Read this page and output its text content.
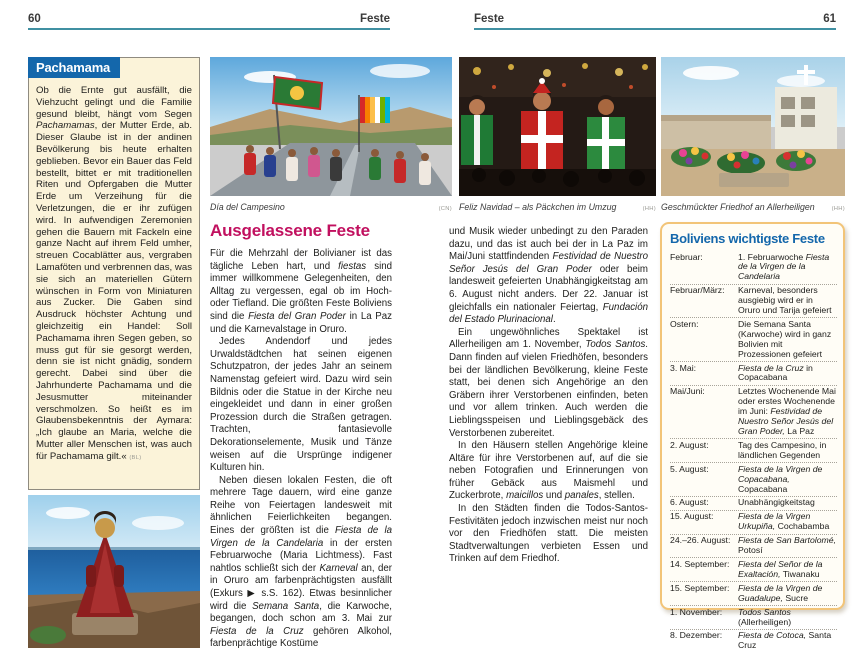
60	Feste	Feste	61
Pachamama
Ob die Ernte gut ausfällt, die Viehzucht gelingt und die Familie gesund bleibt, hängt vom Segen Pachamamas, der Mutter Erde, ab. Dieser Glaube ist in der andinen Bevölkerung bis heute erhalten geblieben. Bevor ein Bauer das Feld bestellt, bittet er mit traditionellen Riten und Opfergaben die Mutter Erde um Verzeihung für die Verletzungen, die er ihr zufügen wird. In aufwendigen Zeremonien gehen die Bauern mit Fackeln eine ganze Nacht auf ihrem Feld umher, streuen Cocablätter aus, vergraben Lamaföten und verbrennen das, was sie sich an materiellen Gütern wünschen in Form von Miniaturen aus Zucker. Die Gaben sind Ausdruck höchster Achtung und gleichzeitig ein Handel: Soll Pachamama ihren Segen geben, so muss gut für sie gesorgt werden, denn sie ist nicht gnädig, sondern gerecht. Dabei sind über die Jahrhunderte Pachamama und die Jesusmutter miteinander verschmolzen. So heißt es im Glaubensbekenntnis der Aymara: „Ich glaube an Maria, welche die Mutter aller Menschen ist, was auch für Pachamama gilt.« (BL)
Día del Campesino	(CN) Feliz Navidad – als Päckchen im Umzug	(HH) Geschmückter Friedhof an Allerheiligen	(HH)
Ausgelassene Feste

Für die Mehrzahl der Bolivianer ist das tägliche Leben hart, und fiestas sind immer willkommene Gelegenheiten, den Alltag zu vergessen, egal ob im Hoch- oder Tiefland. Die größten Feste Boliviens sind die Fiesta del Gran Poder in La Paz und die Karnevalstage in Oruro.

Jedes Andendorf und jedes Urwaldstädtchen hat seinen eigenen Schutzpatron, der jedes Jahr an seinem Namenstag gefeiert wird. Dazu wird sein Bildnis oder die Statue in der Kirche neu eingekleidet und dann in einer großen Prozession durch die Straßen getragen. Trachten, fantasievolle Dekorationselemente, Musik und Tänze weisen auf die Ursprünge indigener Kulturen hin.

Neben diesen lokalen Festen, die oft mehrere Tage dauern, wird eine ganze Reihe von Feiertagen landesweit mit ähnlichen Feierlichkeiten begangen. Eines der größten ist die Fiesta de la Virgen de la Candelaria in der ersten Februarwoche (Maria Lichtmess). Fast nahtlos schließt sich der Karneval an, der in Oruro am farbenprächtigsten ausfällt (Exkurs ▶ s.S. 162). Etwas besinnlicher wird die Semana Santa, die Karwoche, begangen, doch schon am 3. Mai zur Fiesta de la Cruz gehören Alkohol, farbenprächtige Kostüme

und Musik wieder unbedingt zu den Paraden dazu, und das ist auch bei der in La Paz im Mai/Juni stattfindenden Festividad de Nuestro Señor Jesús del Gran Poder oder beim landesweit gefeierten Unabhängigkeitstag am 6. August nicht anders. Der 22. Januar ist gleichfalls ein nationaler Feiertag, Fundación del Estado Plurinacional.

Ein ungewöhnliches Spektakel ist Allerheiligen am 1. November, Todos Santos. Dann finden auf vielen Friedhöfen, besonders bei der ländlichen Bevölkerung, kleine Feste statt, bei denen sich Angehörige an den Gräbern ihrer Verstorbenen einfinden, beten und vor allem trinken. Auch werden die Lieblingsspeisen und Lieblingsgebäck des Verstorbenen zubereitet.

In den Häusern stellen Angehörige kleine Altäre für ihre Verstorbenen auf, auf die sie neben Fotografien und Erinnerungen von früher Gebäck aus Maismehl und Zuckerbrote, maicillos und panales, stellen.

In den Städten finden die Todos-Santos-Festivitäten jedoch inzwischen meist nur noch vor den Friedhöfen statt. Die meisten Stadtverwaltungen verbieten Essen und Trinken auf dem Friedhof.

Boliviens wichtigste Feste
Februar:	1. Februarwoche Fiesta de la Virgen de la Candelaria
Februar/März:	Karneval, besonders ausgiebig wird er in Oruro und Tarija gefeiert
Ostern:	Die Semana Santa (Karwoche) wird in ganz Bolivien mit Prozessionen gefeiert
3. Mai:	Fiesta de la Cruz in Copacabana
Mai/Juni:	Letztes Wochenende Mai oder erstes Wochenende im Juni: Festividad de Nuestro Señor Jesús del Gran Poder, La Paz
2. August:	Tag des Campesino, in ländlichen Gegenden
5. August:	Fiesta de la Virgen de Copacabana, Copacabana
6. August:	Unabhängigkeitstag
15. August:	Fiesta de la Virgen Urkupiña, Cochabamba
24.–26. August: Fiesta de San Bartolomé, Potosí
14. September: Fiesta del Señor de la Exaltación, Tiwanaku
15. September: Fiesta de la Virgen de Guadalupe, Sucre
1. November:	Todos Santos (Allerheiligen)
8. Dezember:	Fiesta de Cotoca, Santa Cruz
